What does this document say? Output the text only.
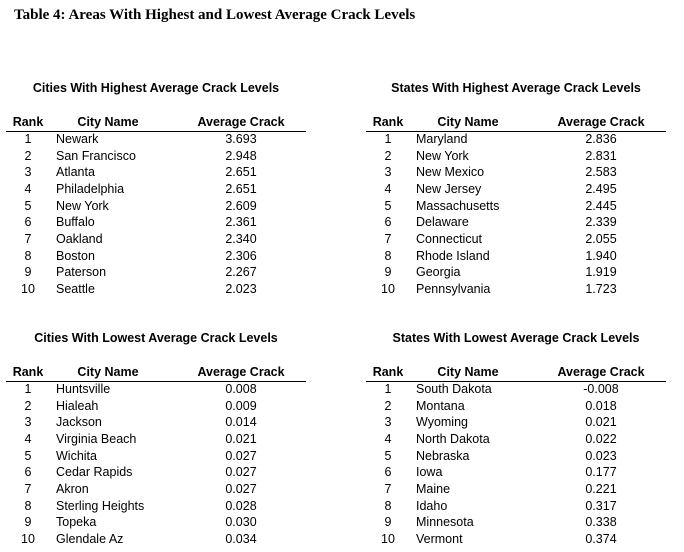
Table 4: Areas With Highest and Lowest Average Crack Levels
Cities With Highest Average Crack Levels
Rank	City Name	Average Crack
1	Newark	3.693
2	San Francisco	2.948
3	Atlanta	2.651
4	Philadelphia	2.651
5	New York	2.609
6	Buffalo	2.361
7	Oakland	2.340
8	Boston	2.306
9	Paterson	2.267
10	Seattle	2.023
States With Highest Average Crack Levels
Rank	City Name	Average Crack
1	Maryland	2.836
2	New York	2.831
3	New Mexico	2.583
4	New Jersey	2.495
5	Massachusetts	2.445
6	Delaware	2.339
7	Connecticut	2.055
8	Rhode Island	1.940
9	Georgia	1.919
10	Pennsylvania	1.723
Cities With Lowest Average Crack Levels
Rank	City Name	Average Crack
1	Huntsville	0.008
2	Hialeah	0.009
3	Jackson	0.014
4	Virginia Beach	0.021
5	Wichita	0.027
6	Cedar Rapids	0.027
7	Akron	0.027
8	Sterling Heights	0.028
9	Topeka	0.030
10	Glendale Az	0.034
States With Lowest Average Crack Levels
Rank	City Name	Average Crack
1	South Dakota	-0.008
2	Montana	0.018
3	Wyoming	0.021
4	North Dakota	0.022
5	Nebraska	0.023
6	Iowa	0.177
7	Maine	0.221
8	Idaho	0.317
9	Minnesota	0.338
10	Vermont	0.374
